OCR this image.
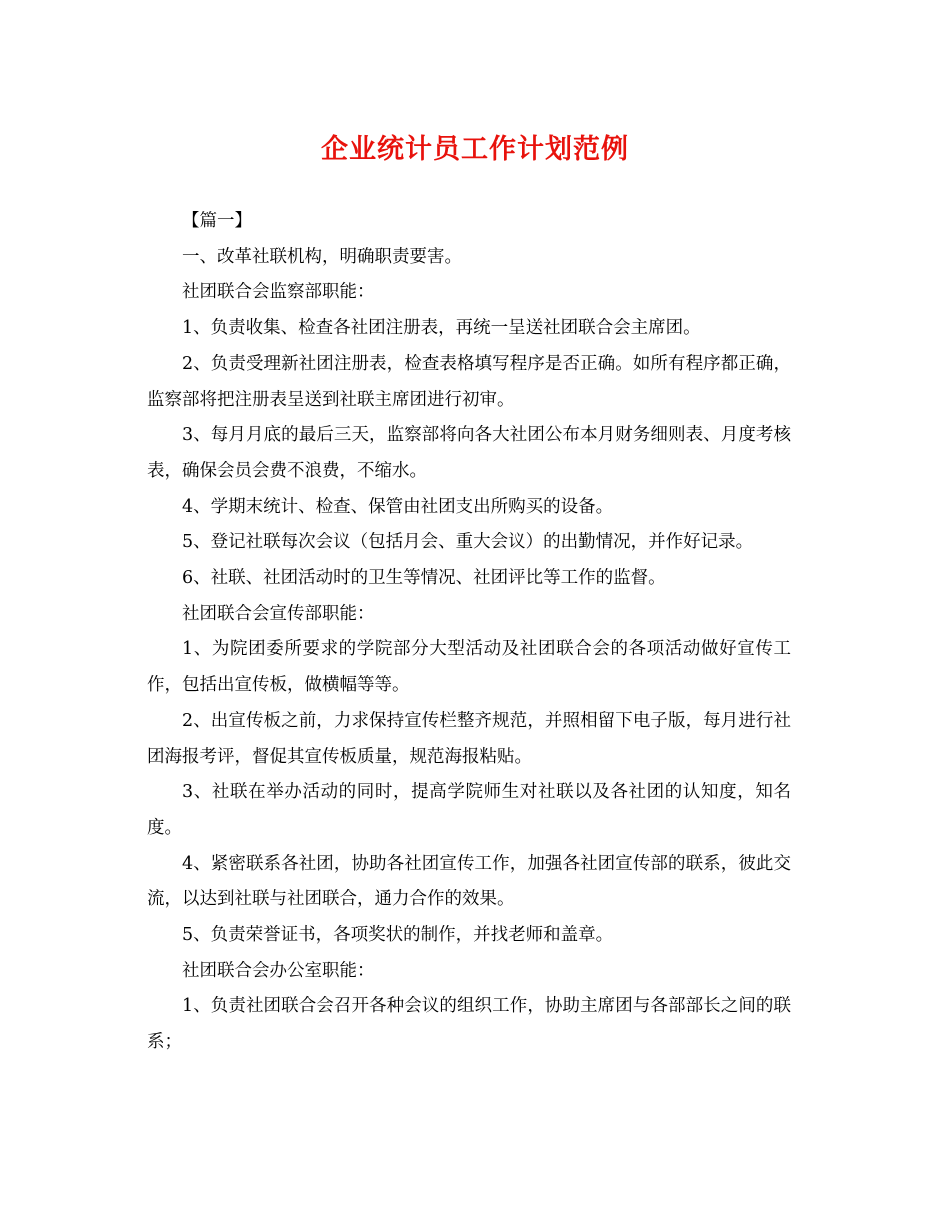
企业统计员工作计划范例

【篇一】

一、改革社联机构，明确职责要害。

社团联合会监察部职能：

1、负责收集、检查各社团注册表，再统一呈送社团联合会主席团。

2、负责受理新社团注册表，检查表格填写程序是否正确。如所有程序都正确，监察部将把注册表呈送到社联主席团进行初审。

3、每月月底的最后三天，监察部将向各大社团公布本月财务细则表、月度考核表，确保会员会费不浪费，不缩水。

4、学期末统计、检查、保管由社团支出所购买的设备。

5、登记社联每次会议（包括月会、重大会议）的出勤情况，并作好记录。

6、社联、社团活动时的卫生等情况、社团评比等工作的监督。

社团联合会宣传部职能：

1、为院团委所要求的学院部分大型活动及社团联合会的各项活动做好宣传工作，包括出宣传板，做横幅等等。

2、出宣传板之前，力求保持宣传栏整齐规范，并照相留下电子版，每月进行社团海报考评，督促其宣传板质量，规范海报粘贴。

3、社联在举办活动的同时，提高学院师生对社联以及各社团的认知度，知名度。

4、紧密联系各社团，协助各社团宣传工作，加强各社团宣传部的联系，彼此交流，以达到社联与社团联合，通力合作的效果。

5、负责荣誉证书，各项奖状的制作，并找老师和盖章。

社团联合会办公室职能：

1、负责社团联合会召开各种会议的组织工作，协助主席团与各部部长之间的联系；
